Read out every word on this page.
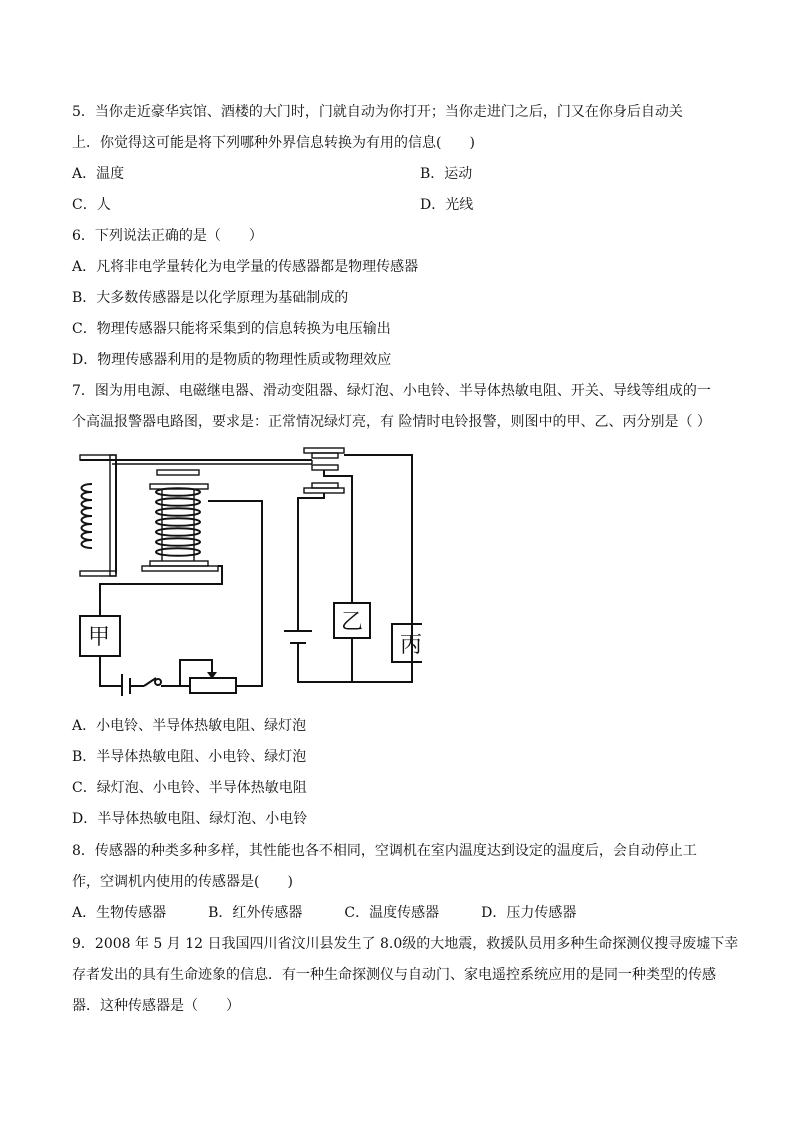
5．当你走近豪华宾馆、酒楼的大门时，门就自动为你打开；当你走进门之后，门又在你身后自动关

上．你觉得这可能是将下列哪种外界信息转换为有用的信息(　　)

A．温度	B．运动

C．人	D．光线

6．下列说法正确的是（　　）

A．凡将非电学量转化为电学量的传感器都是物理传感器

B．大多数传感器是以化学原理为基础制成的

C．物理传感器只能将采集到的信息转换为电压输出

D．物理传感器利用的是物质的物理性质或物理效应

7．图为用电源、电磁继电器、滑动变阻器、绿灯泡、小电铃、半导体热敏电阻、开关、导线等组成的一

个高温报警器电路图，要求是：正常情况绿灯亮，有 险情时电铃报警，则图中的甲、乙、丙分别是（ ）

甲
乙
丙

A．小电铃、半导体热敏电阻、绿灯泡

B．半导体热敏电阻、小电铃、绿灯泡

C．绿灯泡、小电铃、半导体热敏电阻

D．半导体热敏电阻、绿灯泡、小电铃

8．传感器的种类多种多样，其性能也各不相同，空调机在室内温度达到设定的温度后，会自动停止工

作，空调机内使用的传感器是(　　)

A．生物传感器　　　B．红外传感器　　　C．温度传感器　　　D．压力传感器

9．2008 年 5 月 12 日我国四川省汶川县发生了 8.0级的大地震，救援队员用多种生命探测仪搜寻废墟下幸

存者发出的具有生命迹象的信息．有一种生命探测仪与自动门、家电遥控系统应用的是同一种类型的传感

器．这种传感器是（　　）
